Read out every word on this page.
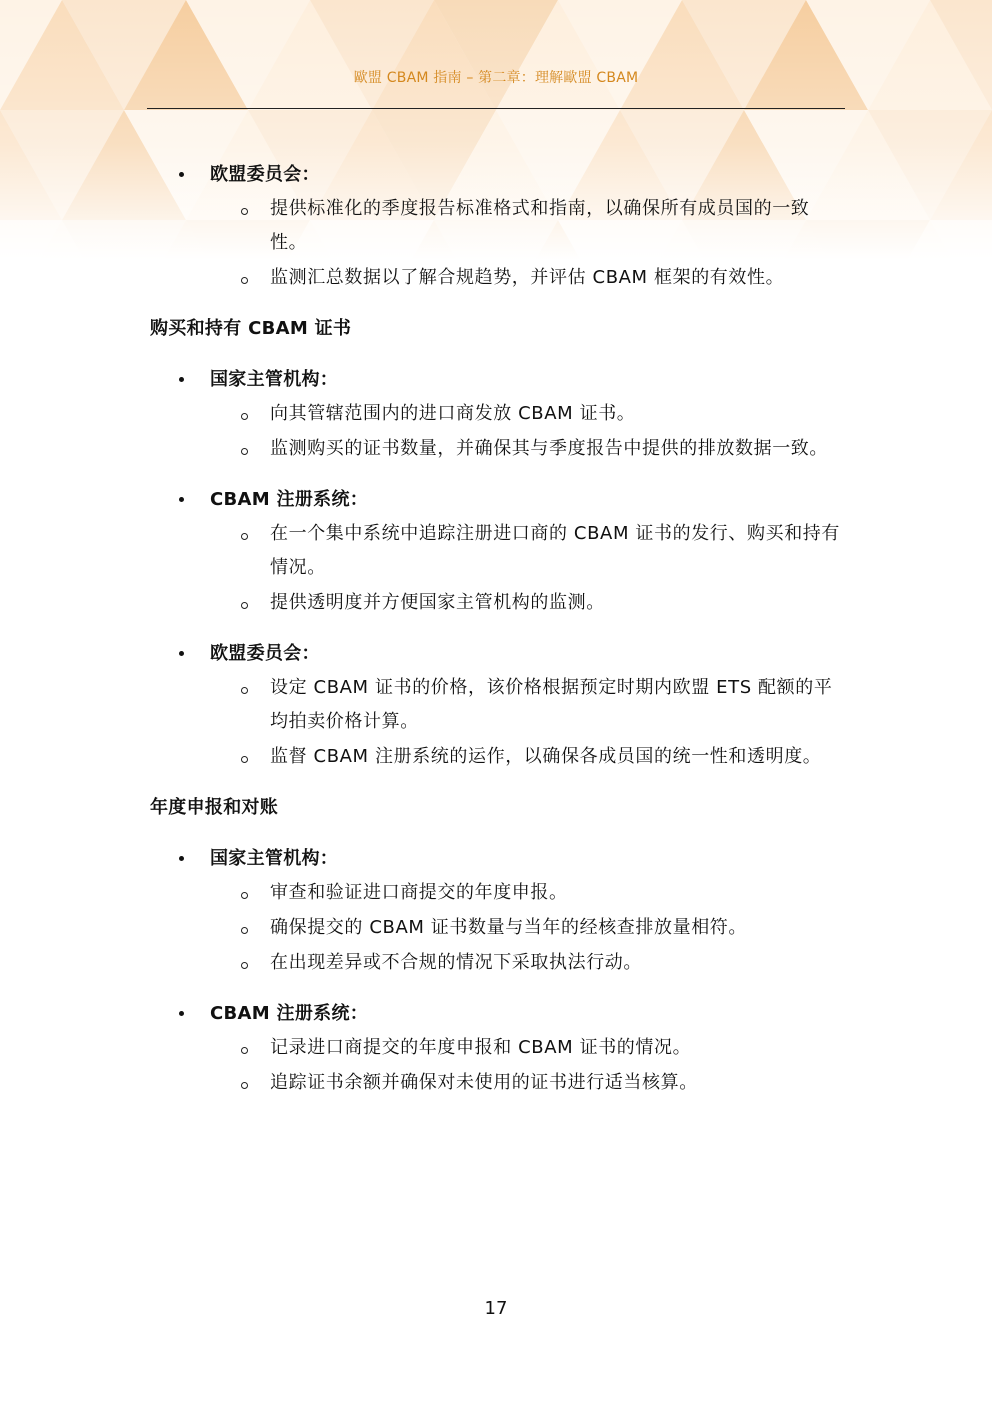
歐盟 CBAM 指南 – 第二章：理解歐盟 CBAM
欧盟委员会：
提供标准化的季度报告标准格式和指南，以确保所有成员国的一致性。
监测汇总数据以了解合规趋势，并评估 CBAM 框架的有效性。
购买和持有 CBAM 证书
国家主管机构：
向其管辖范围内的进口商发放 CBAM 证书。
监测购买的证书数量，并确保其与季度报告中提供的排放数据一致。
CBAM 注册系统：
在一个集中系统中追踪注册进口商的 CBAM 证书的发行、购买和持有情况。
提供透明度并方便国家主管机构的监测。
欧盟委员会：
设定 CBAM 证书的价格，该价格根据预定时期内欧盟 ETS 配额的平均拍卖价格计算。
监督 CBAM 注册系统的运作，以确保各成员国的统一性和透明度。
年度申报和对账
国家主管机构：
审查和验证进口商提交的年度申报。
确保提交的 CBAM 证书数量与当年的经核查排放量相符。
在出现差异或不合规的情况下采取执法行动。
CBAM 注册系统：
记录进口商提交的年度申报和 CBAM 证书的情况。
追踪证书余额并确保对未使用的证书进行适当核算。
17
